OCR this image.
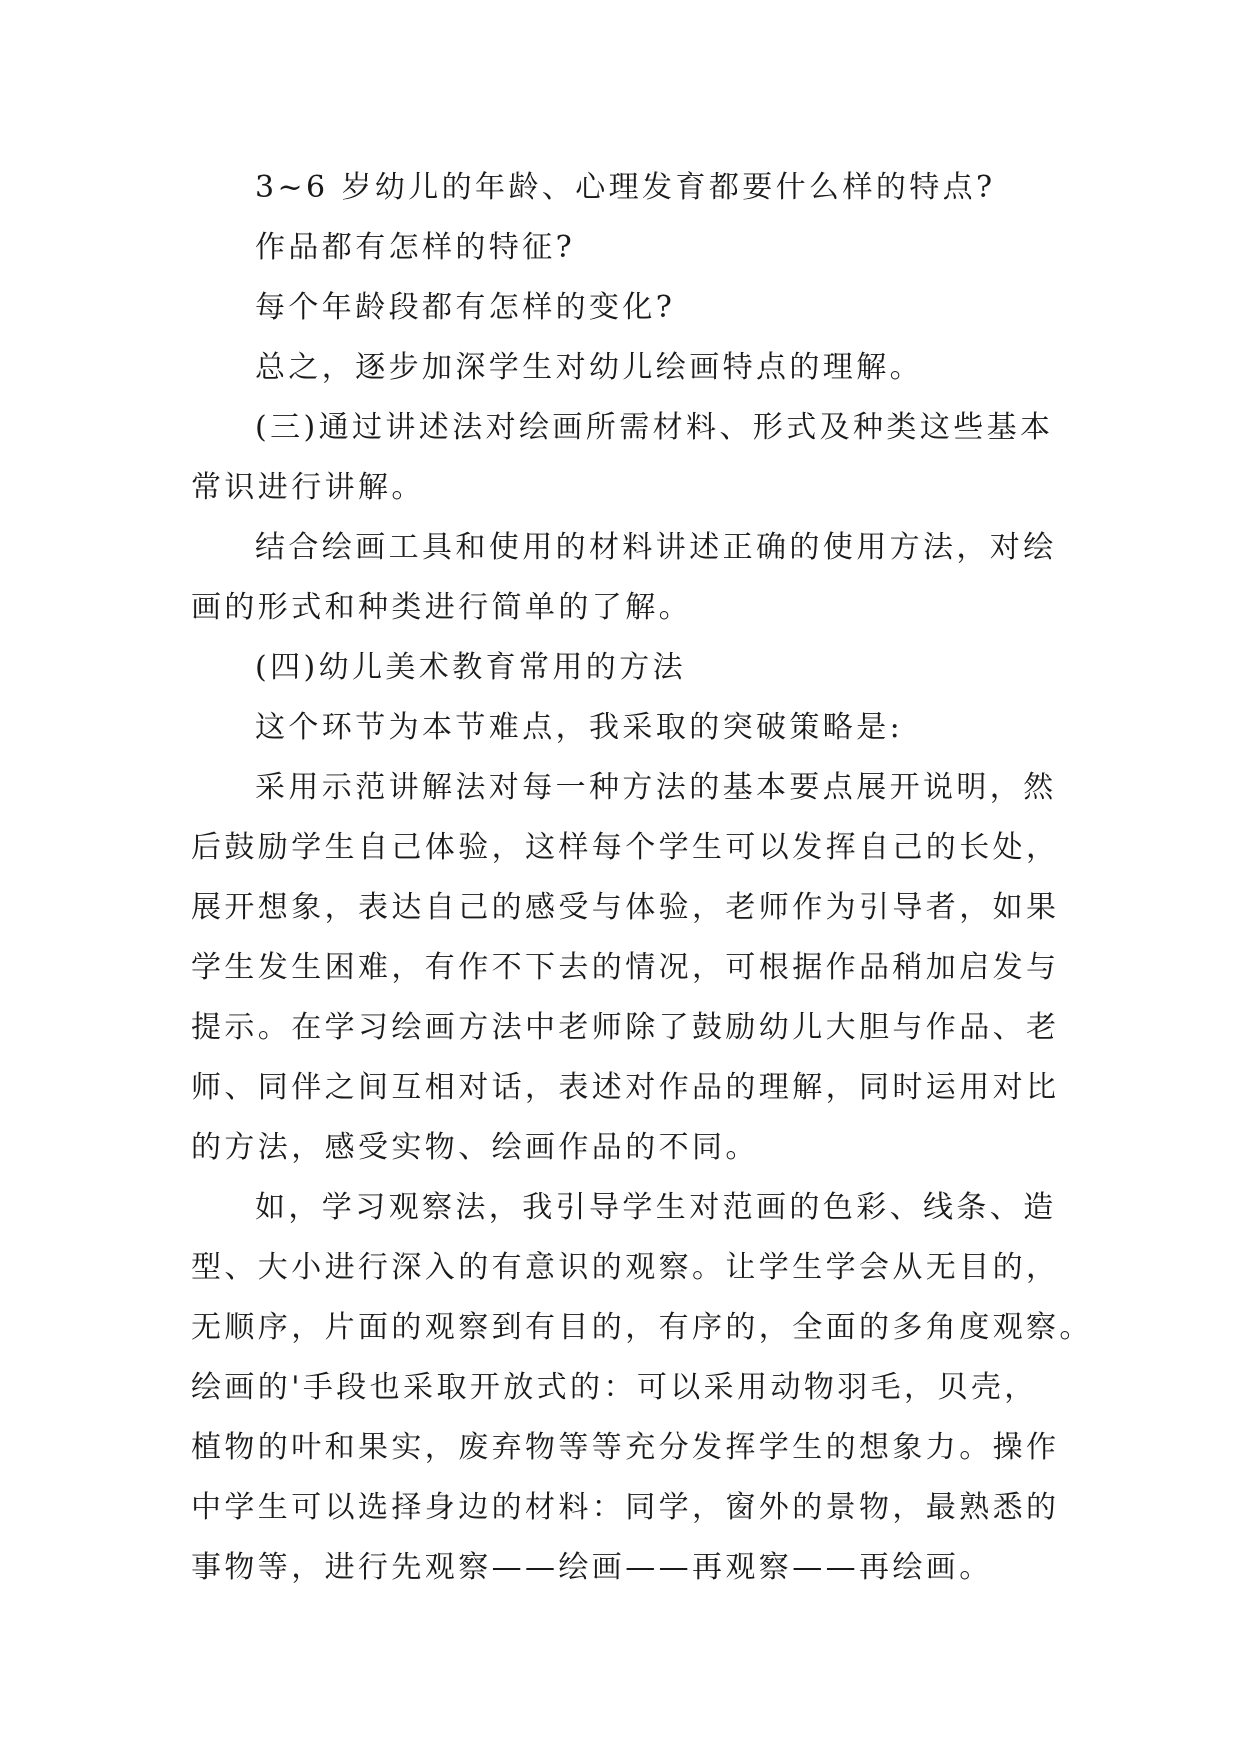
3~6 岁幼儿的年龄、心理发育都要什么样的特点?
作品都有怎样的特征?
每个年龄段都有怎样的变化?
总之，逐步加深学生对幼儿绘画特点的理解。
(三)通过讲述法对绘画所需材料、形式及种类这些基本
常识进行讲解。
结合绘画工具和使用的材料讲述正确的使用方法，对绘
画的形式和种类进行简单的了解。
(四)幼儿美术教育常用的方法
这个环节为本节难点，我采取的突破策略是:
采用示范讲解法对每一种方法的基本要点展开说明，然
后鼓励学生自己体验，这样每个学生可以发挥自己的长处，
展开想象，表达自己的感受与体验，老师作为引导者，如果
学生发生困难，有作不下去的情况，可根据作品稍加启发与
提示。在学习绘画方法中老师除了鼓励幼儿大胆与作品、老
师、同伴之间互相对话，表述对作品的理解，同时运用对比
的方法，感受实物、绘画作品的不同。
如，学习观察法，我引导学生对范画的色彩、线条、造
型、大小进行深入的有意识的观察。让学生学会从无目的，
无顺序，片面的观察到有目的，有序的，全面的多角度观察。
绘画的'手段也采取开放式的：可以采用动物羽毛，贝壳，
植物的叶和果实，废弃物等等充分发挥学生的想象力。操作
中学生可以选择身边的材料：同学，窗外的景物，最熟悉的
事物等，进行先观察——绘画——再观察——再绘画。
